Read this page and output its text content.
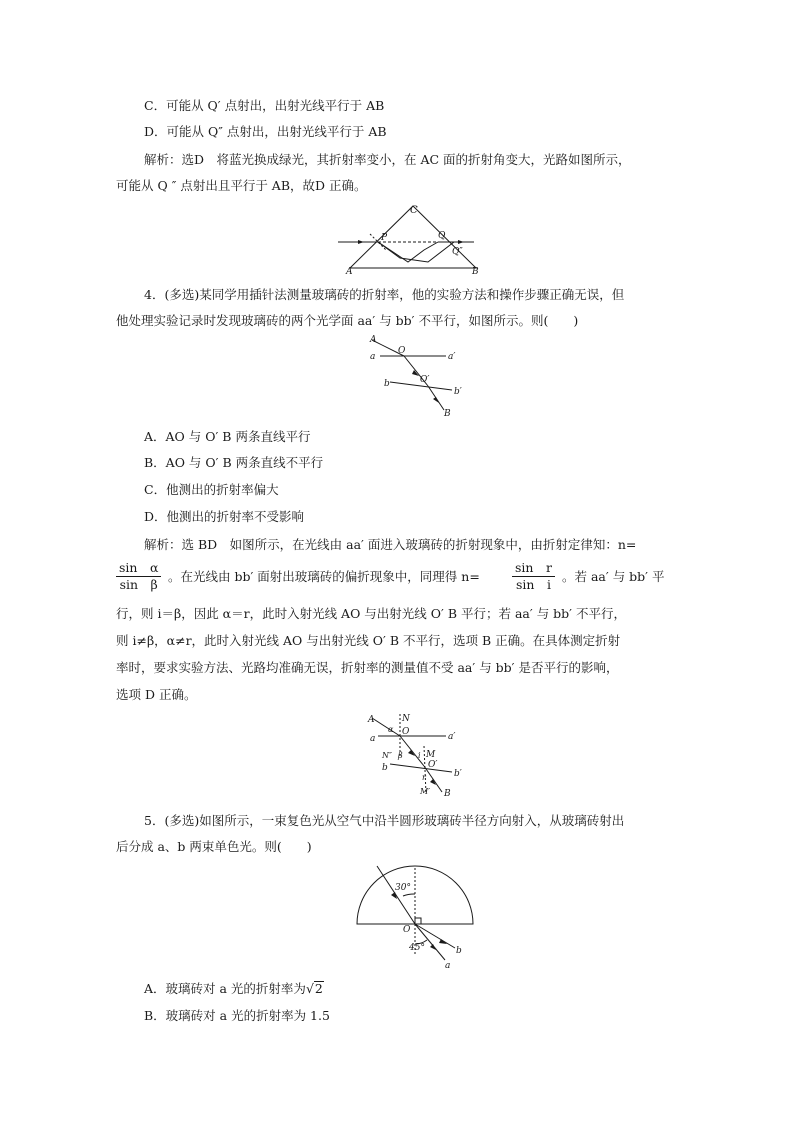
C．可能从 Q′ 点射出，出射光线平行于 AB
D．可能从 Q″ 点射出，出射光线平行于 AB
解析：选D　将蓝光换成绿光，其折射率变小，在 AC 面的折射角变大，光路如图所示，
可能从 Q ″ 点射出且平行于 AB，故D 正确。
C
P	Q
Q″
A	B
4．(多选)某同学用插针法测量玻璃砖的折射率，他的实验方法和操作步骤正确无误，但
他处理实验记录时发现玻璃砖的两个光学面 aa′ 与 bb′ 不平行，如图所示。则(　　)
A
a
O
a′
b	O′
b′
B
A．AO 与 O′ B 两条直线平行
B．AO 与 O′ B 两条直线不平行
C．他测出的折射率偏大
D．他测出的折射率不受影响
解析：选 BD　如图所示，在光线由 aa′ 面进入玻璃砖的折射现象中，由折射定律知：n=
$\frac{\text{sin　α}}{\text{sin　β}}$ 。在光线由 bb′ 面射出玻璃砖的偏折现象中，同理得 n=	$\frac{\text{sin　r}}{\text{sin　i}}$ 。若 aa′ 与 bb′ 平
行，则 i＝β，因此 α＝r，此时入射光线 AO 与出射光线 O′ B 平行；若 aa′ 与 bb′ 不平行，
则 i≠β，α≠r，此时入射光线 AO 与出射光线 O′ B 不平行，选项 B 正确。在具体测定折射
率时，要求实验方法、光路均准确无误，折射率的测量值不受 aa′ 与 bb′ 是否平行的影响，
选项 D 正确。
A	N
α O
a	a′
N″ β i M
O′
b
r	b′
M′ B
5．(多选)如图所示，一束复色光从空气中沿半圆形玻璃砖半径方向射入，从玻璃砖射出
后分成 a、b 两束单色光。则(　　)
30°
O
45°	b
a
A．玻璃砖对 a 光的折射率为√2
B．玻璃砖对 a 光的折射率为 1.5
